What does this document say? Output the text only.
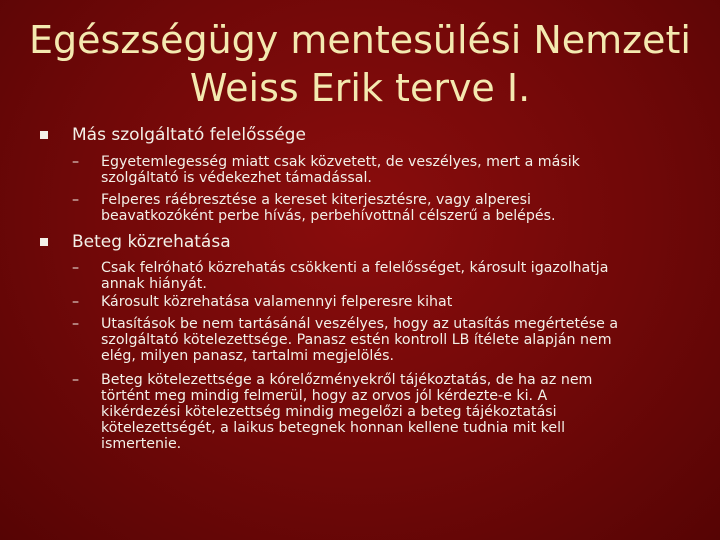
Egészségügy mentesülési Nemzeti
Weiss Erik terve I.
Más szolgáltató felelőssége
– Egyetemlegesség miatt csak közvetett, de veszélyes, mert a másik
szolgáltató is védekezhet támadással.
– Felperes ráébresztése a kereset kiterjesztésre, vagy alperesi
beavatkozóként perbe hívás, perbehívottnál célszerű a belépés.
Beteg közrehatása
– Csak felróható közrehatás csökkenti a felelősséget, károsult igazolhatja
annak hiányát.
– Károsult közrehatása valamennyi felperesre kihat
– Utasítások be nem tartásánál veszélyes, hogy az utasítás megértetése a
szolgáltató kötelezettsége. Panasz estén kontroll LB ítélete alapján nem
elég, milyen panasz, tartalmi megjelölés.
– Beteg kötelezettsége a kórelőzményekről tájékoztatás, de ha az nem
történt meg mindig felmerül, hogy az orvos jól kérdezte-e ki. A
kikérdezési kötelezettség mindig megelőzi a beteg tájékoztatási
kötelezettségét, a laikus betegnek honnan kellene tudnia mit kell
ismertenie.
